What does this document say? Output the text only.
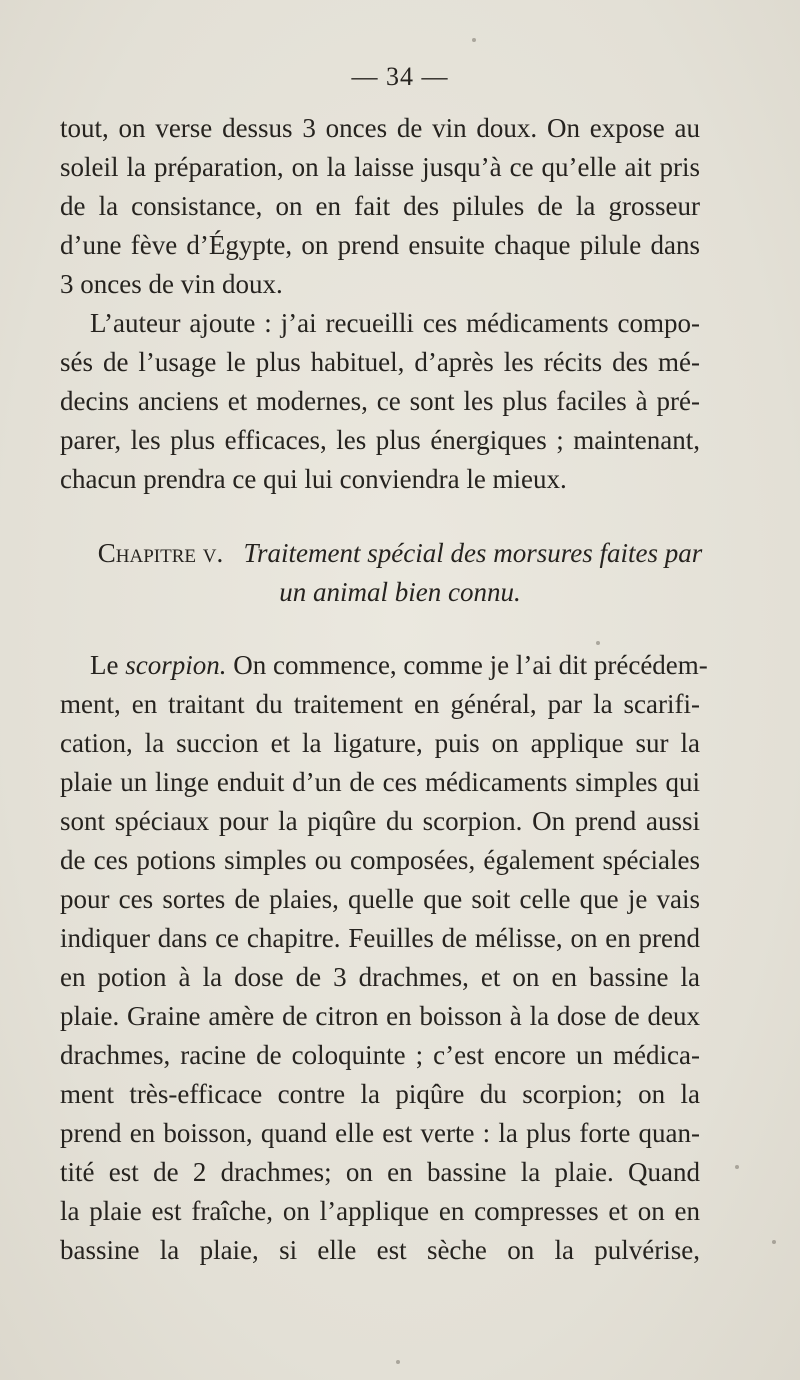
— 34 —
tout, on verse dessus 3 onces de vin doux. On expose au
soleil la préparation, on la laisse jusqu’à ce qu’elle ait pris
de la consistance, on en fait des pilules de la grosseur
d’une fève d’Égypte, on prend ensuite chaque pilule dans
3 onces de vin doux.
L’auteur ajoute : j’ai recueilli ces médicaments compo-
sés de l’usage le plus habituel, d’après les récits des mé-
decins anciens et modernes, ce sont les plus faciles à pré-
parer, les plus efficaces, les plus énergiques ; maintenant,
chacun prendra ce qui lui conviendra le mieux.
Chapitre v. Traitement spécial des morsures faites par
un animal bien connu.
Le scorpion. On commence, comme je l’ai dit précédem-
ment, en traitant du traitement en général, par la scarifi-
cation, la succion et la ligature, puis on applique sur la
plaie un linge enduit d’un de ces médicaments simples qui
sont spéciaux pour la piqûre du scorpion. On prend aussi
de ces potions simples ou composées, également spéciales
pour ces sortes de plaies, quelle que soit celle que je vais
indiquer dans ce chapitre. Feuilles de mélisse, on en prend
en potion à la dose de 3 drachmes, et on en bassine la
plaie. Graine amère de citron en boisson à la dose de deux
drachmes, racine de coloquinte ; c’est encore un médica-
ment très-efficace contre la piqûre du scorpion; on la
prend en boisson, quand elle est verte : la plus forte quan-
tité est de 2 drachmes; on en bassine la plaie. Quand
la plaie est fraîche, on l’applique en compresses et on en
bassine la plaie, si elle est sèche on la pulvérise,
